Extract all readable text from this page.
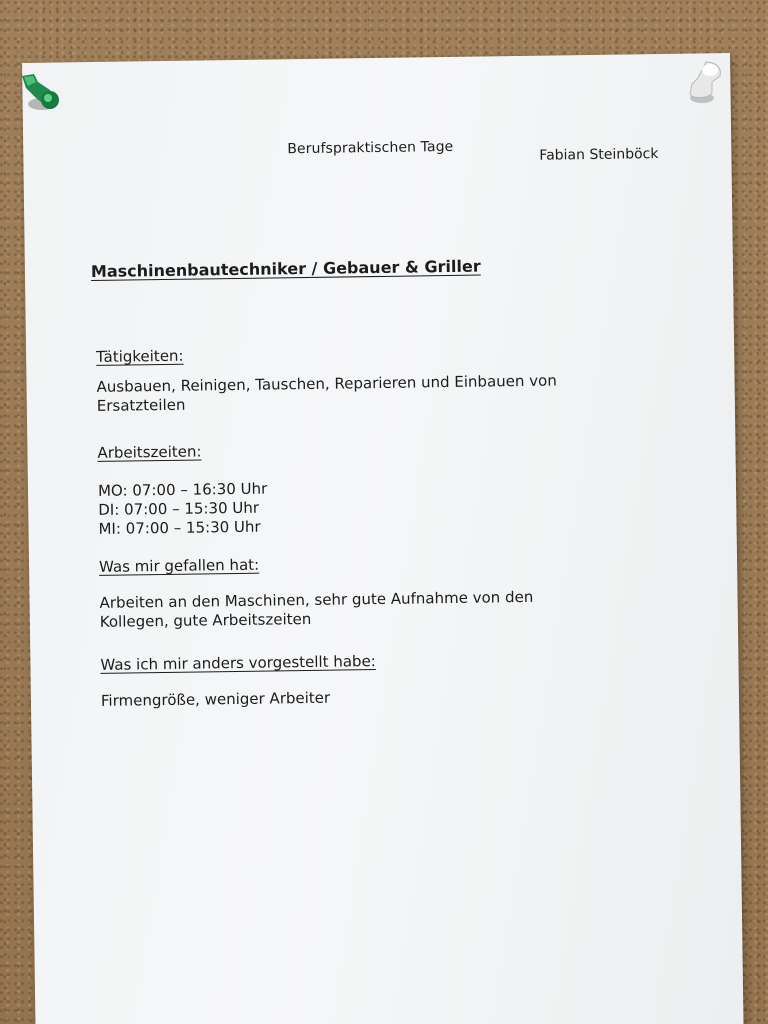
Berufspraktischen Tage	Fabian Steinböck
Maschinenbautechniker / Gebauer & Griller
Tätigkeiten:
Ausbauen, Reinigen, Tauschen, Reparieren und Einbauen von
Ersatzteilen
Arbeitszeiten:
MO: 07:00 – 16:30 Uhr
DI: 07:00 – 15:30 Uhr
MI: 07:00 – 15:30 Uhr
Was mir gefallen hat:
Arbeiten an den Maschinen, sehr gute Aufnahme von den
Kollegen, gute Arbeitszeiten
Was ich mir anders vorgestellt habe:
Firmengröße, weniger Arbeiter
